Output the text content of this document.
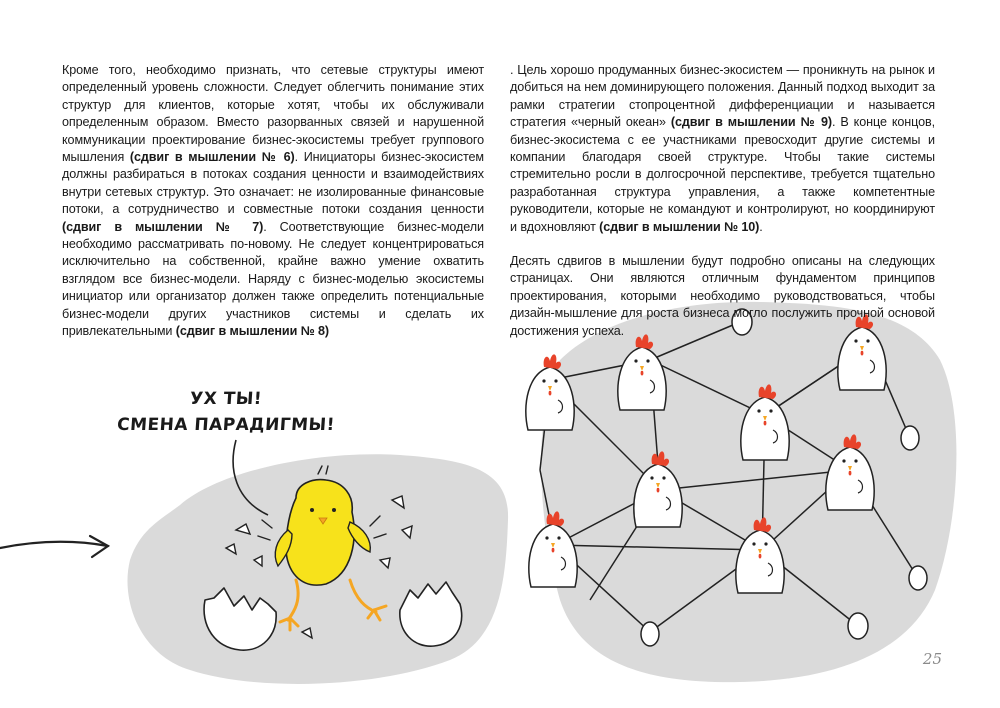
Кроме того, необходимо признать, что сетевые структуры имеют определенный уровень сложности. Следует облегчить понимание этих структур для клиентов, которые хотят, чтобы их обслуживали определенным образом. Вместо разорванных связей и нарушенной коммуникации проектирование бизнес-экосистемы требует группового мышления (сдвиг в мышлении № 6). Инициаторы бизнес-экосистем должны разбираться в потоках создания ценности и взаимодействиях внутри сетевых структур. Это означает: не изолированные финансовые потоки, а сотрудничество и совместные потоки создания ценности (сдвиг в мышлении № 7). Соответствующие бизнес-модели необходимо рассматривать по-новому. Не следует концентрироваться исключительно на собственной, крайне важно умение охватить взглядом все бизнес-модели. Наряду с бизнес-моделью экосистемы инициатор или организатор должен также определить потенциальные бизнес-модели других участников системы и сделать их привлекательными (сдвиг в мышлении № 8)

. Цель хорошо продуманных бизнес-экосистем — проникнуть на рынок и добиться на нем доминирующего положения. Данный подход выходит за рамки стратегии стопроцентной дифференциации и называется стратегия «черный океан» (сдвиг в мышлении № 9). В конце концов, бизнес-экосистема с ее участниками превосходит другие системы и компании благодаря своей структуре. Чтобы такие системы стремительно росли в долгосрочной перспективе, требуется тщательно разработанная структура управления, а также компетентные руководители, которые не командуют и контролируют, но координируют и вдохновляют (сдвиг в мышлении № 10).

Десять сдвигов в мышлении будут подробно описаны на следующих страницах. Они являются отличным фундаментом принципов проектирования, которыми необходимо руководствоваться, чтобы дизайн-мышление для роста бизнеса могло послужить прочной основой достижения успеха.

УХ ТЫ!
СМЕНА ПАРАДИГМЫ!
25
